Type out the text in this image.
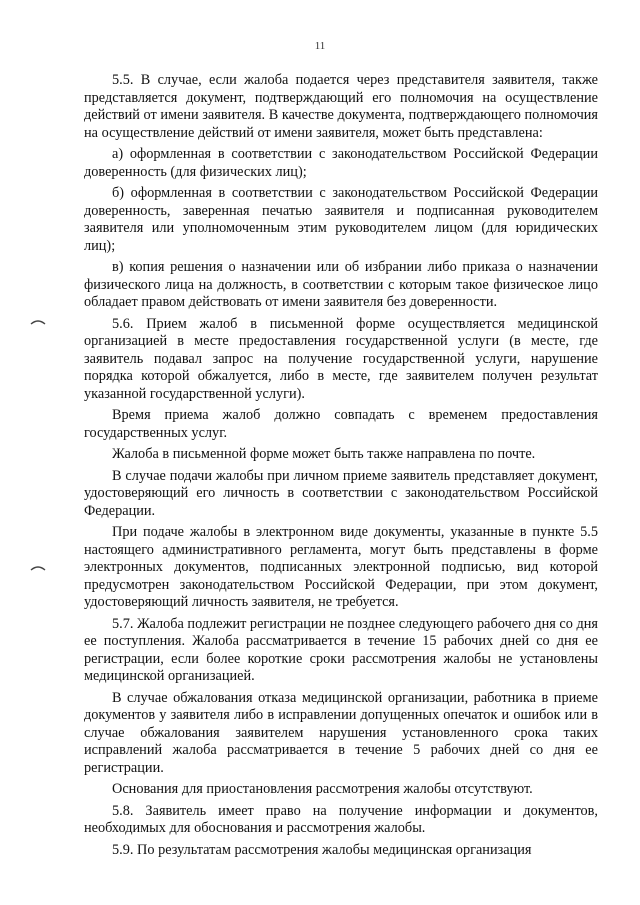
11

5.5. В случае, если жалоба подается через представителя заявителя, также представляется документ, подтверждающий его полномочия на осуществление действий от имени заявителя. В качестве документа, подтверждающего полномочия на осуществление действий от имени заявителя, может быть представлена:

а) оформленная в соответствии с законодательством Российской Федерации доверенность (для физических лиц);

б) оформленная в соответствии с законодательством Российской Федерации доверенность, заверенная печатью заявителя и подписанная руководителем заявителя или уполномоченным этим руководителем лицом (для юридических лиц);

в) копия решения о назначении или об избрании либо приказа о назначении физического лица на должность, в соответствии с которым такое физическое лицо обладает правом действовать от имени заявителя без доверенности.

5.6. Прием жалоб в письменной форме осуществляется медицинской организацией в месте предоставления государственной услуги (в месте, где заявитель подавал запрос на получение государственной услуги, нарушение порядка которой обжалуется, либо в месте, где заявителем получен результат указанной государственной услуги).

Время приема жалоб должно совпадать с временем предоставления государственных услуг.

Жалоба в письменной форме может быть также направлена по почте.

В случае подачи жалобы при личном приеме заявитель представляет документ, удостоверяющий его личность в соответствии с законодательством Российской Федерации.

При подаче жалобы в электронном виде документы, указанные в пункте 5.5 настоящего административного регламента, могут быть представлены в форме электронных документов, подписанных электронной подписью, вид которой предусмотрен законодательством Российской Федерации, при этом документ, удостоверяющий личность заявителя, не требуется.

5.7. Жалоба подлежит регистрации не позднее следующего рабочего дня со дня ее поступления. Жалоба рассматривается в течение 15 рабочих дней со дня ее регистрации, если более короткие сроки рассмотрения жалобы не установлены медицинской организацией.

В случае обжалования отказа медицинской организации, работника в приеме документов у заявителя либо в исправлении допущенных опечаток и ошибок или в случае обжалования заявителем нарушения установленного срока таких исправлений жалоба рассматривается в течение 5 рабочих дней со дня ее регистрации.

Основания для приостановления рассмотрения жалобы отсутствуют.

5.8. Заявитель имеет право на получение информации и документов, необходимых для обоснования и рассмотрения жалобы.

5.9. По результатам рассмотрения жалобы медицинская организация
